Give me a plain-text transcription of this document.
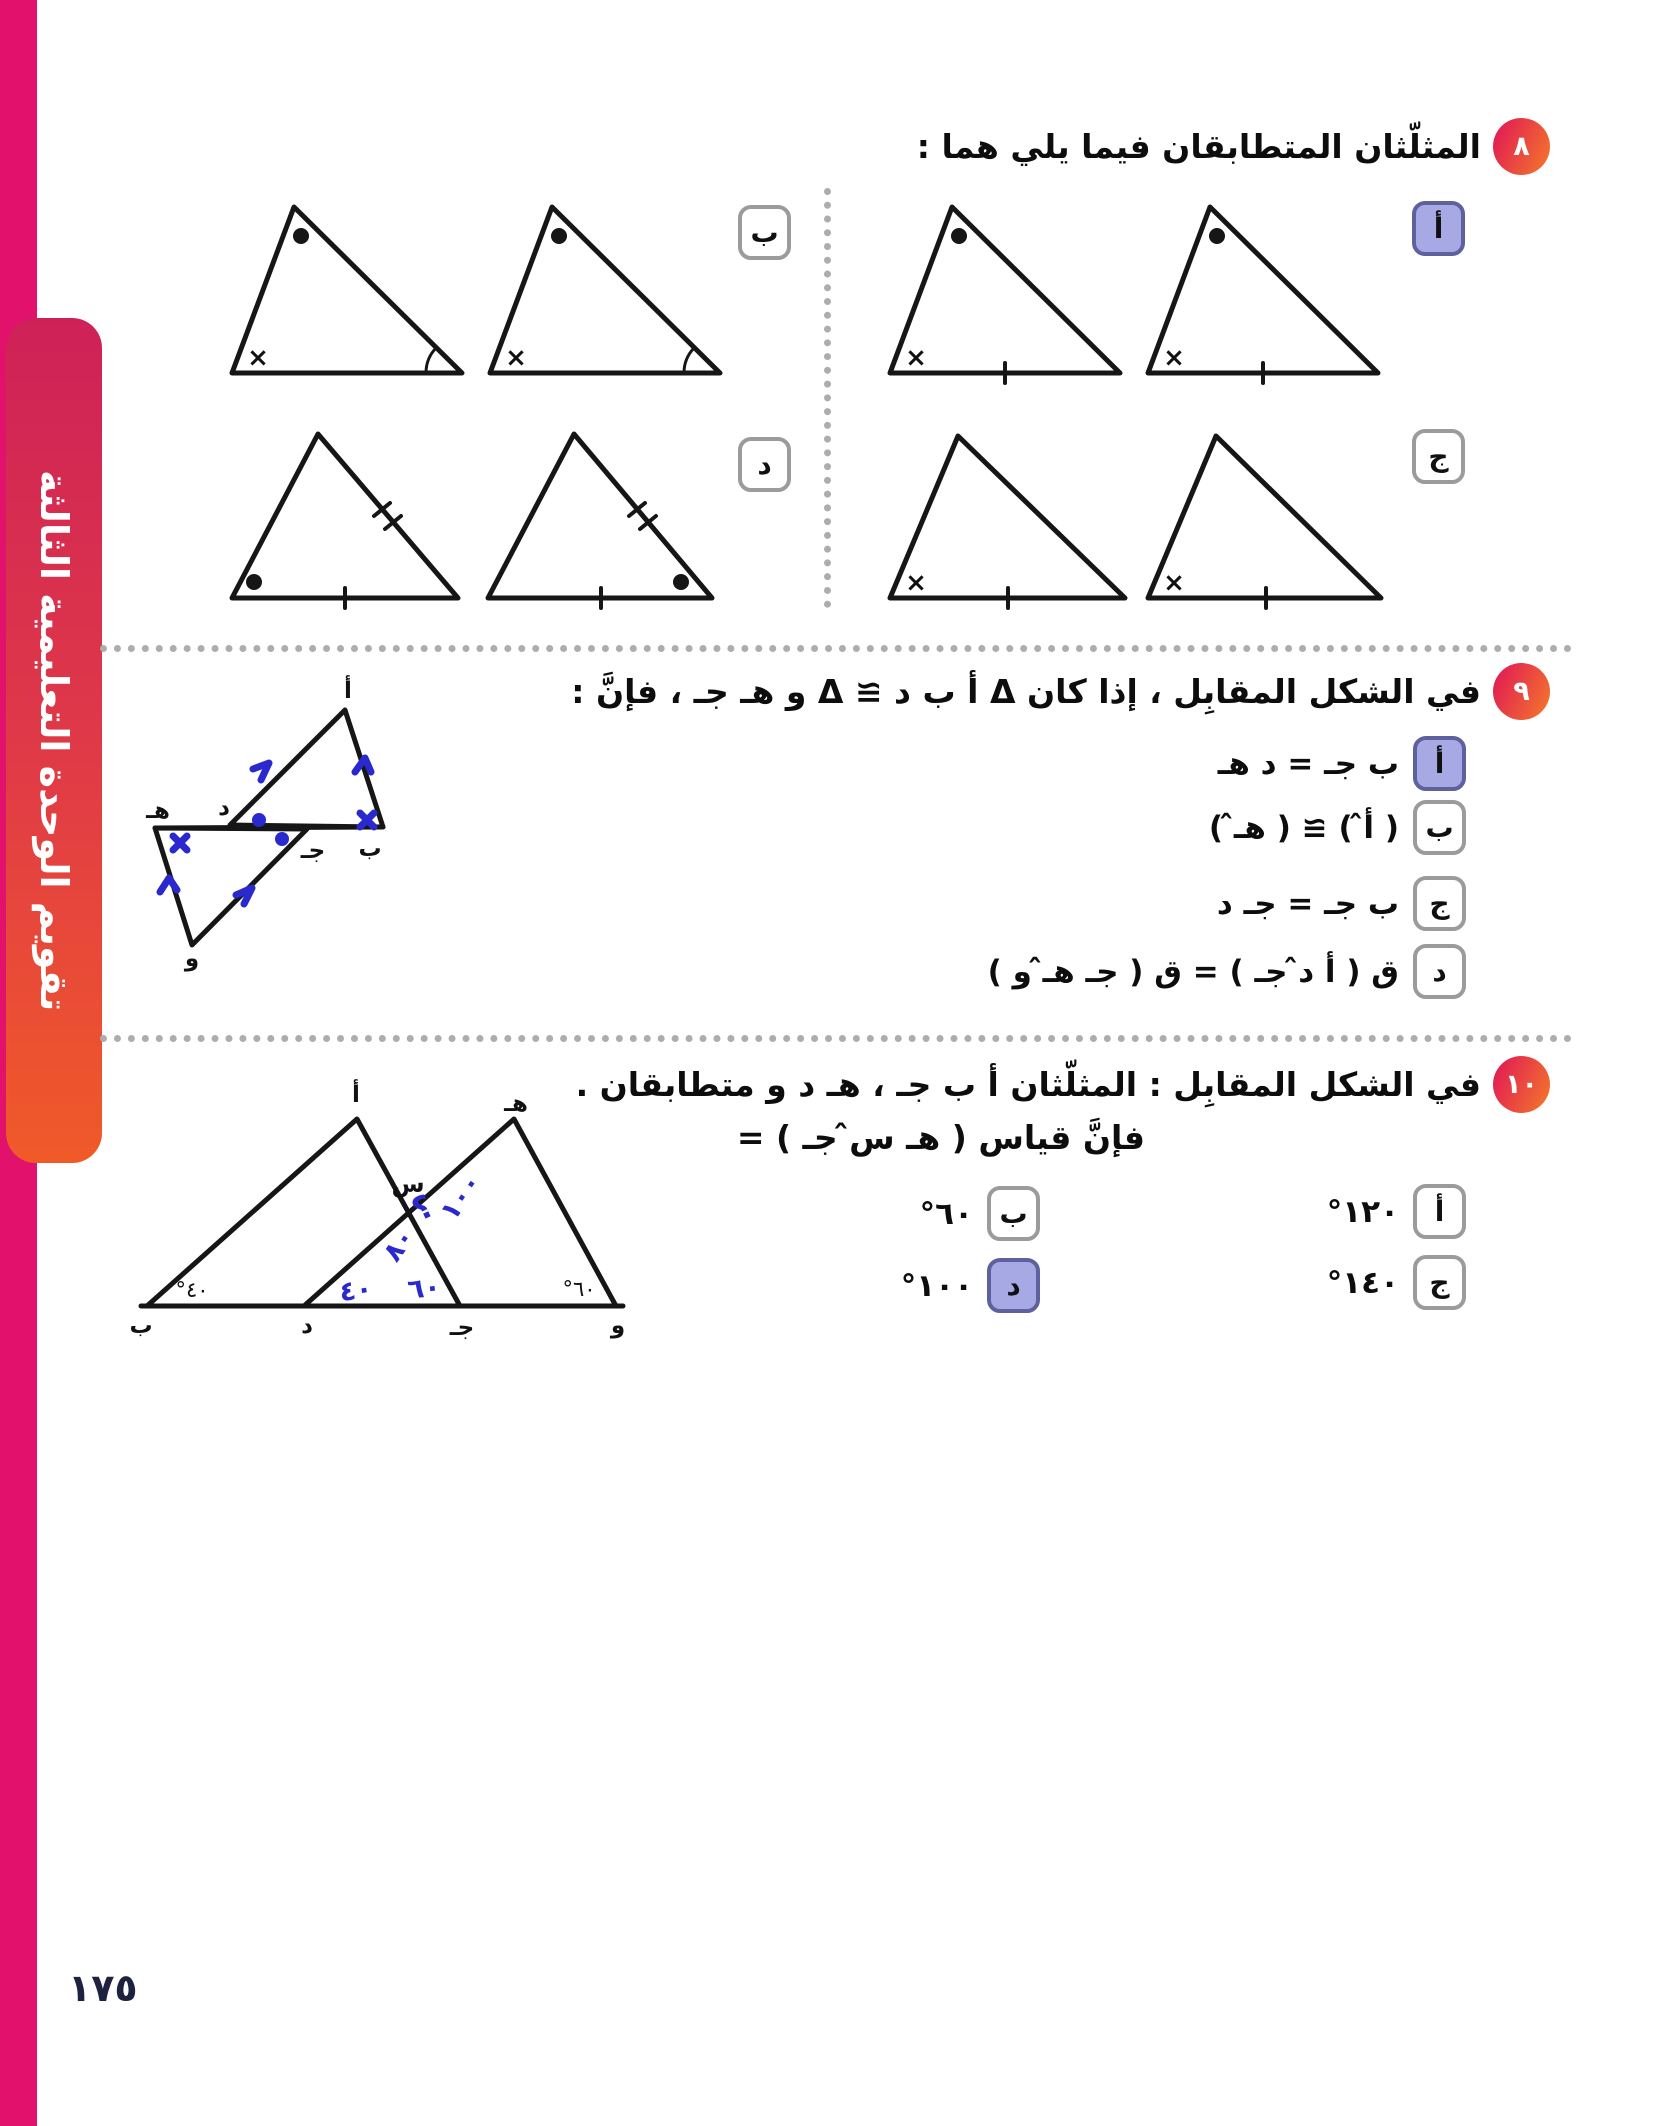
تقويم الوحدة التعليمية الثالثة
١٧٥
٨
المثلّثان المتطابقان فيما يلي هما :
أ
ب
ج
د
×	×
×	×
×	×
٩
في الشكل المقابِل ، إذا كان Δ أ ب د ≅ Δ و هـ جـ ، فإنَّ :
أ
ب
د
هـ
جـ
و
أ
ب جـ = د هـ
ب
( أ̂ ) ≅ ( هـ̂ )
ج
ب جـ = جـ د
د
ق ( أ د̂ جـ ) = ق ( جـ هـ̂ و )
١٠
في الشكل المقابِل : المثلّثان أ ب جـ ، هـ د و متطابقان .
فإنَّ قياس ( هـ س̂ جـ ) =
أ	هـ
ب	د	جـ	و
س
٤٠°	٦٠°
٤٠ ٦٠
٨٠
١٠٠
؟	أ
١٢٠°
ب
٦٠°
ج
١٤٠°
د
١٠٠°
